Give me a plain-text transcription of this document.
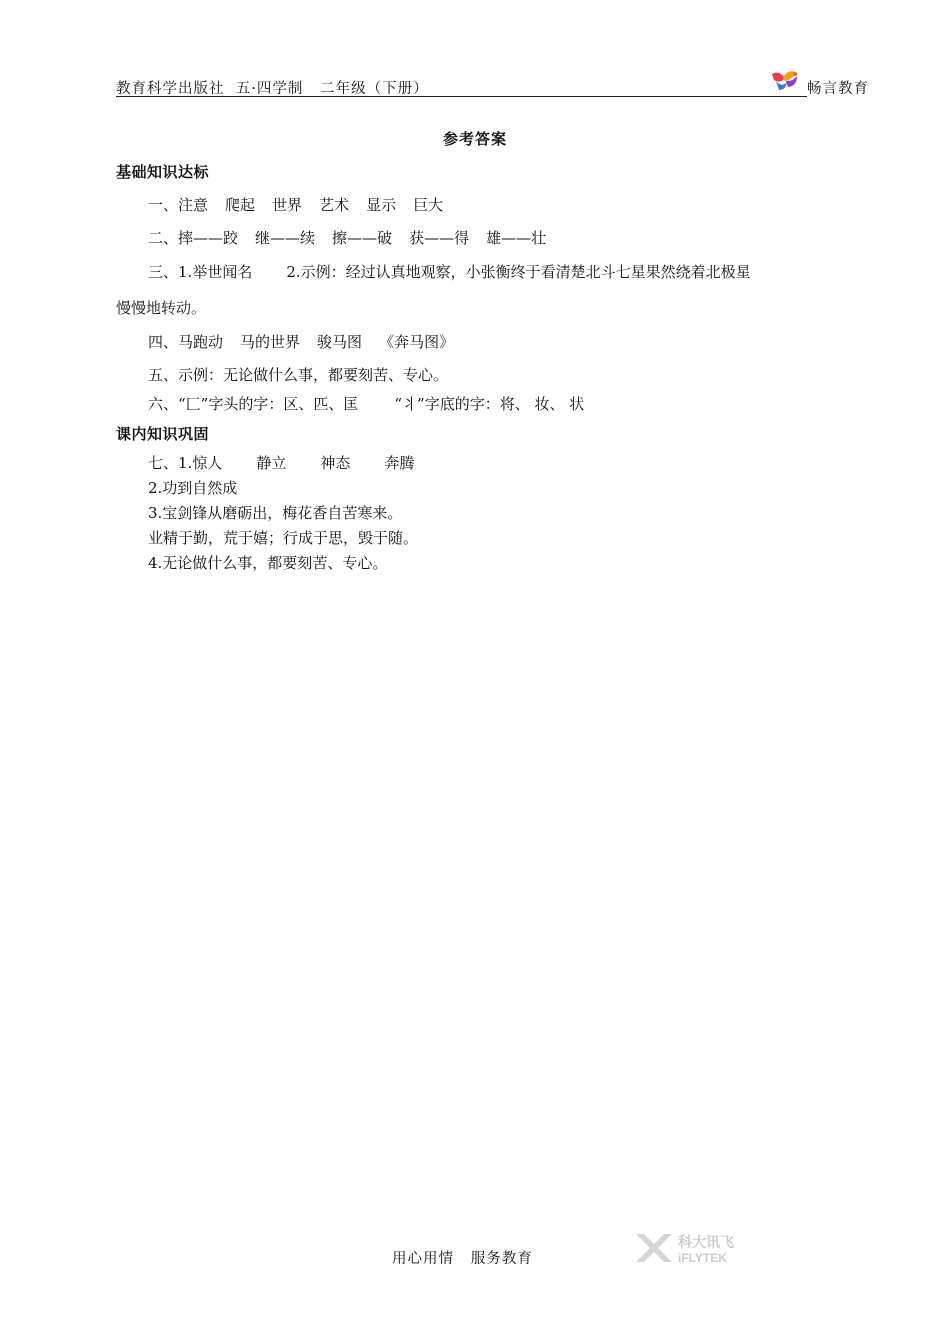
教育科学出版社  五·四学制   二年级（下册）	畅言教育
参考答案
基础知识达标
一、注意 爬起 世界 艺术 显示 巨大
二、摔——跤 继——续 擦——破 获——得 雄——壮
三、1.举世闻名 2.示例：经过认真地观察，小张衡终于看清楚北斗七星果然绕着北极星
慢慢地转动。
四、马跑动 马的世界 骏马图 《奔马图》
五、示例：无论做什么事，都要刻苦、专心。
六、“匚”字头的字：区、匹、匡 “丬”字底的字：将、 妆、 状
课内知识巩固
七、1.惊人 静立 神态 奔腾
2.功到自然成
3.宝剑锋从磨砺出，梅花香自苦寒来。
业精于勤，荒于嬉；行成于思，毁于随。
4.无论做什么事，都要刻苦、专心。
用心用情   服务教育
科大讯飞
iFLYTEK
